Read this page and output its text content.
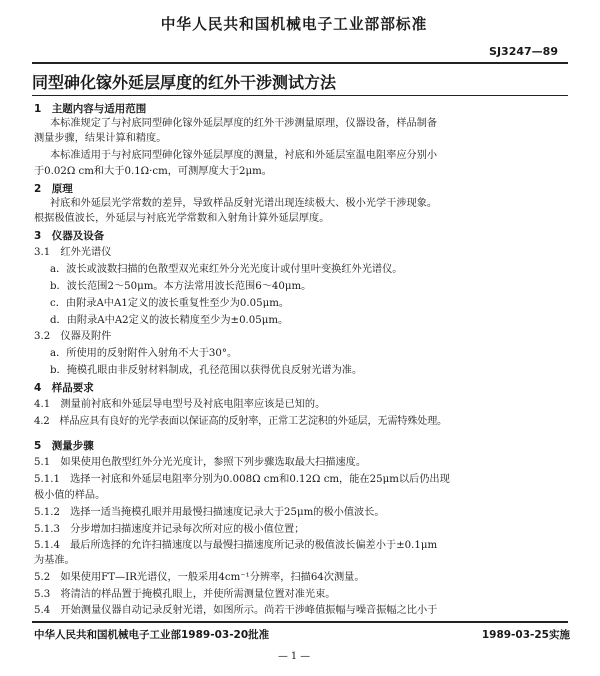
中华人民共和国机械电子工业部部标准
SJ3247—89
同型砷化镓外延层厚度的红外干涉测试方法
1　主题内容与适用范围
本标准规定了与衬底同型砷化镓外延层厚度的红外干涉测量原理，仪器设备，样品制备
测量步骤，结果计算和精度。
本标准适用于与衬底同型砷化镓外延层厚度的测量，衬底和外延层室温电阻率应分别小
于0.02Ω cm和大于0.1Ω·cm，可测厚度大于2μm。
2　原理
衬底和外延层光学常数的差异，导致样品反射光谱出现连续极大、极小光学干涉现象。
根据极值波长，外延层与衬底光学常数和入射角计算外延层厚度。
3　仪器及设备
3.1　红外光谱仪
a．波长或波数扫描的色散型双光束红外分光光度计或付里叶变换红外光谱仪。
b．波长范围2～50μm。本方法常用波长范围6～40μm。
c．由附录A中A1定义的波长重复性至少为0.05μm。
d．由附录A中A2定义的波长精度至少为±0.05μm。
3.2　仪器及附件
a．所使用的反射附件入射角不大于30°。
b．掩模孔眼由非反射材料制成，孔径范围以获得优良反射光谱为准。
4　样品要求
4.1　测量前衬底和外延层导电型号及衬底电阻率应该是已知的。
4.2　样品应具有良好的光学表面以保证高的反射率，正常工艺淀积的外延层，无需特殊处理。
5　测量步骤
5.1　如果使用色散型红外分光光度计，参照下列步骤选取最大扫描速度。
5.1.1　选择一衬底和外延层电阻率分别为0.008Ω cm和0.12Ω cm，能在25μm以后仍出现
极小值的样品。
5.1.2　选择一适当掩模孔眼并用最慢扫描速度记录大于25μm的极小值波长。
5.1.3　分步增加扫描速度并记录每次所对应的极小值位置；
5.1.4　最后所选择的允许扫描速度以与最慢扫描速度所记录的极值波长偏差小于±0.1μm
为基准。
5.2　如果使用FT—IR光谱仪，一般采用4cm⁻¹分辨率，扫描64次测量。
5.3　将清洁的样品置于掩模孔眼上，并使所需测量位置对准光束。
5.4　开始测量仪器自动记录反射光谱，如图所示。尚若干涉峰值振幅与噪音振幅之比小于
中华人民共和国机械电子工业部1989-03-20批准	1989-03-25实施
— 1 —
